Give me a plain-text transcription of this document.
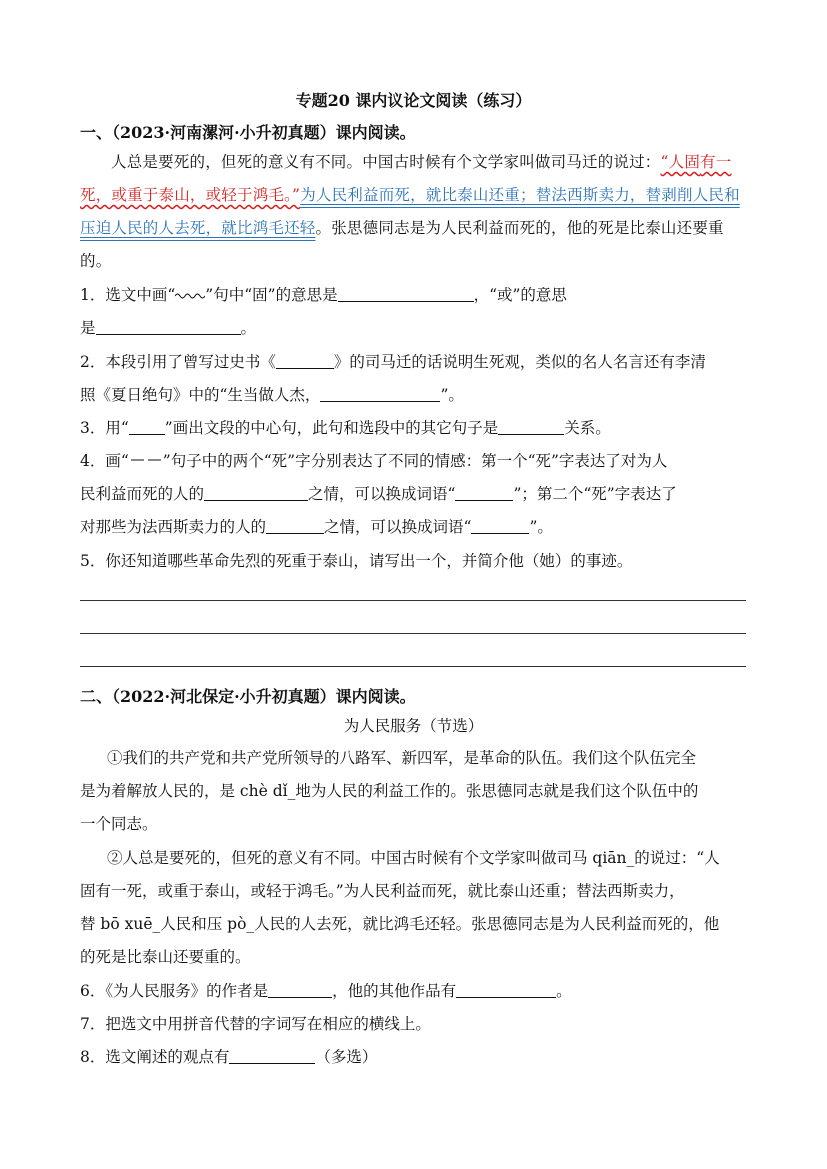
专题20 课内议论文阅读（练习）
一、（2023·河南漯河·小升初真题）课内阅读。
人总是要死的，但死的意义有不同。中国古时候有个文学家叫做司马迁的说过：“人固有一死，或重于泰山，或轻于鸿毛。”为人民利益而死，就比泰山还重；替法西斯卖力，替剥削人民和压迫人民的人去死，就比鸿毛还轻。张思德同志是为人民利益而死的，他的死是比泰山还要重的。
1．选文中画“ ”句中“固”的意思是	，“或”的意思
是	。
2．本段引用了曾写过史书《	》的司马迁的话说明生死观，类似的名人名言还有李清
照《夏日绝句》中的“生当做人杰，	”。
3．用“ ”画出文段的中心句，此句和选段中的其它句子是	关系。
4．画“ ”句子中的两个“死”字分别表达了不同的情感：第一个“死”字表达了对为人
民利益而死的人的	之情，可以换成词语“	”；第二个“死”字表达了
对那些为法西斯卖力的人的	之情，可以换成词语“	”。
5．你还知道哪些革命先烈的死重于泰山，请写出一个，并简介他（她）的事迹。
二、（2022·河北保定·小升初真题）课内阅读。
为人民服务（节选）
①我们的共产党和共产党所领导的八路军、新四军，是革命的队伍。我们这个队伍完全
是为着解放人民的，是 chè dǐ_地为人民的利益工作的。张思德同志就是我们这个队伍中的
一个同志。
②人总是要死的，但死的意义有不同。中国古时候有个文学家叫做司马 qiān_的说过：“人
固有一死，或重于泰山，或轻于鸿毛。”为人民利益而死，就比泰山还重；替法西斯卖力，
替 bō xuē_人民和压 pò_人民的人去死，就比鸿毛还轻。张思德同志是为人民利益而死的，他
的死是比泰山还要重的。
6．《为人民服务》的作者是	，他的其他作品有	。
7．把选文中用拼音代替的字词写在相应的横线上。
8．选文阐述的观点有	（多选）
